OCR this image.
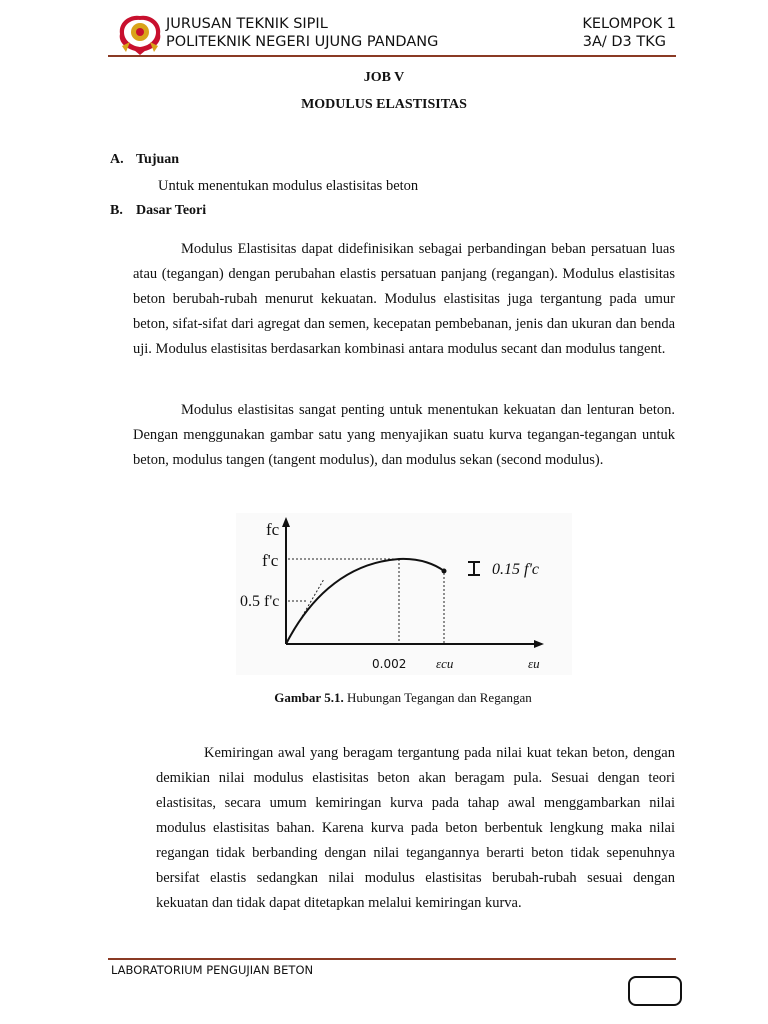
JURUSAN TEKNIK SIPIL
POLITEKNIK NEGERI UJUNG PANDANG
KELOMPOK 1
3A/ D3 TKG
JOB V
MODULUS ELASTISITAS
A. Tujuan
Untuk menentukan modulus elastisitas beton
B. Dasar Teori
Modulus Elastisitas dapat didefinisikan sebagai perbandingan beban persatuan luas atau (tegangan) dengan perubahan elastis persatuan panjang (regangan). Modulus elastisitas beton berubah-rubah menurut kekuatan. Modulus elastisitas juga tergantung pada umur beton, sifat-sifat dari agregat dan semen, kecepatan pembebanan, jenis dan ukuran dan benda uji. Modulus elastisitas berdasarkan kombinasi antara modulus secant dan modulus tangent.
Modulus elastisitas sangat penting untuk menentukan kekuatan dan lenturan beton. Dengan menggunakan gambar satu yang menyajikan suatu kurva tegangan-tegangan untuk beton, modulus tangen (tangent modulus), dan modulus sekan (second modulus).
fc
f'c
0.5 f'c
0.15 f'c
0.002 εcu	εu
Gambar 5.1. Hubungan Tegangan dan Regangan
Kemiringan awal yang beragam tergantung pada nilai kuat tekan beton, dengan demikian nilai modulus elastisitas beton akan beragam pula. Sesuai dengan teori elastisitas, secara umum kemiringan kurva pada tahap awal menggambarkan nilai modulus elastisitas bahan. Karena kurva pada beton berbentuk lengkung maka nilai regangan tidak berbanding dengan nilai tegangannya berarti beton tidak sepenuhnya bersifat elastis sedangkan nilai modulus elastisitas berubah-rubah sesuai dengan kekuatan dan tidak dapat ditetapkan melalui kemiringan kurva.
LABORATORIUM PENGUJIAN BETON
